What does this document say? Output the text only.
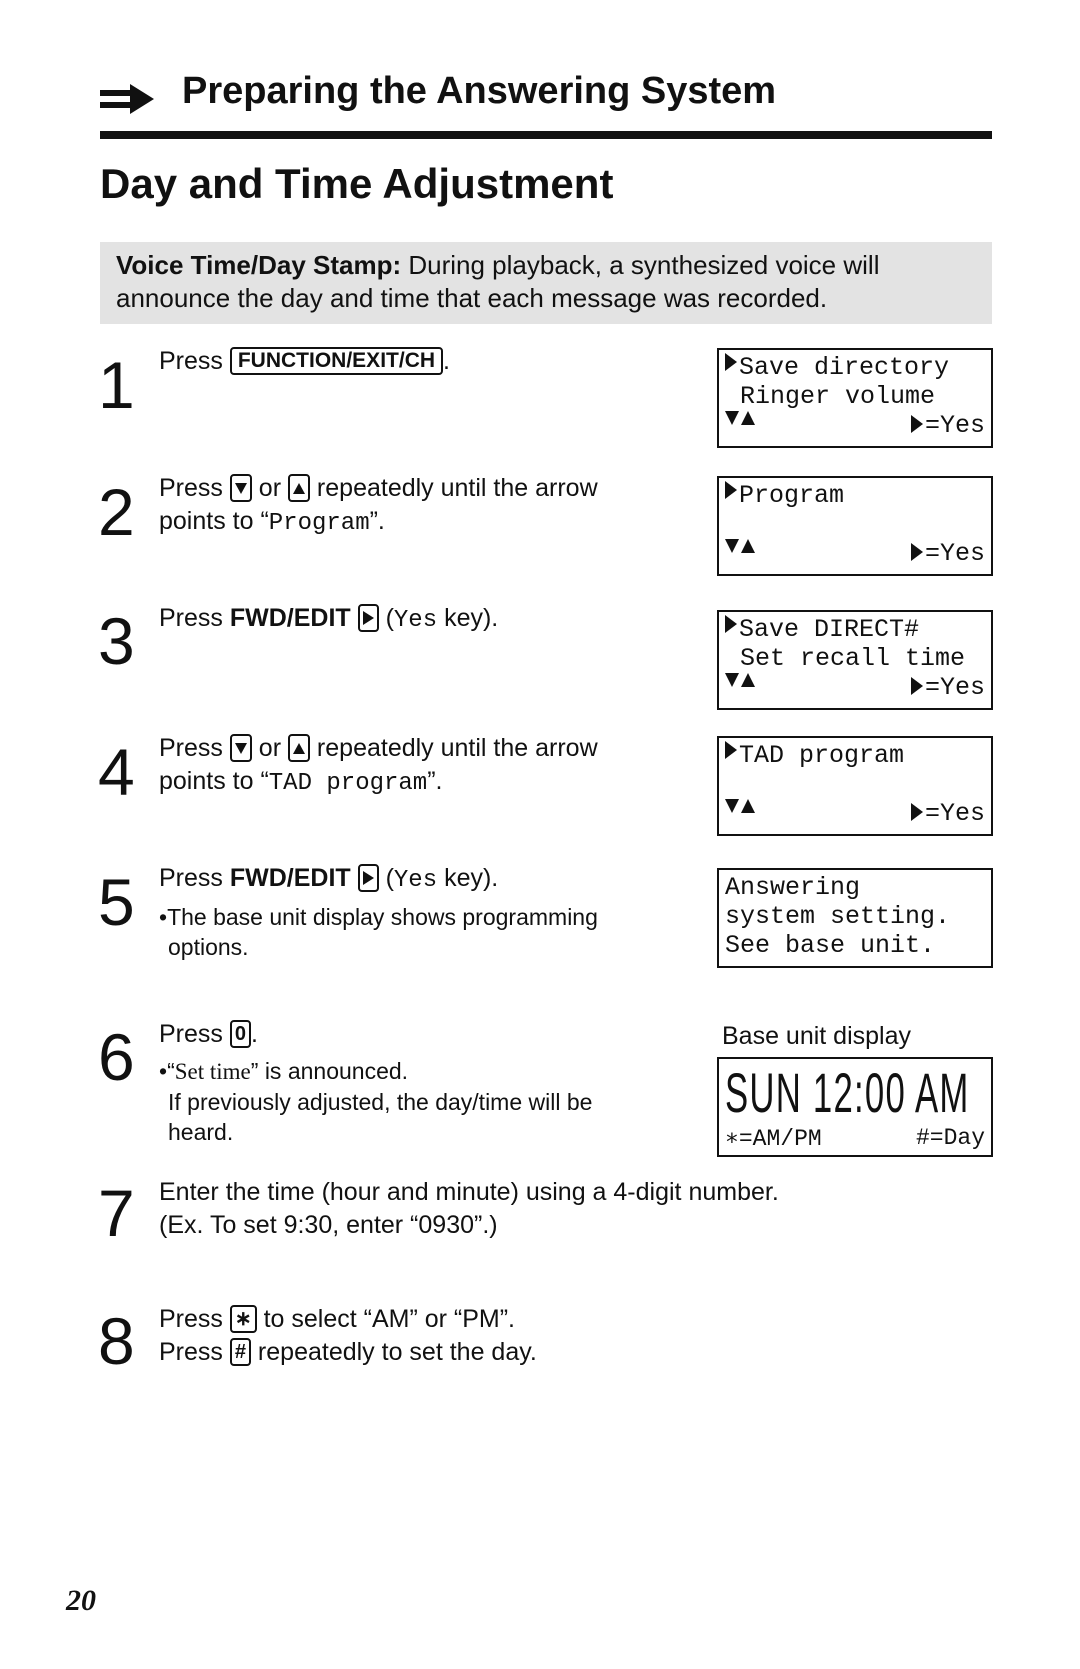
Preparing the Answering System
Day and Time Adjustment
Voice Time/Day Stamp: During playback, a synthesized voice will
announce the day and time that each message was recorded.
1 Press FUNCTION/EXIT/CH .	Save directory
Ringer volume
=Yes
2 Press  or  repeatedly until the arrow
points to “Program”.
Program
=Yes
3 Press FWD/EDIT  (Yes key).	Save DIRECT#
Set recall time
=Yes
4 Press  or  repeatedly until the arrow
points to “TAD program”.
TAD program
=Yes
5 Press FWD/EDIT  (Yes key).
•The base unit display shows programming
options.
Answering
system setting.
See base unit.
6 Press 0 .
•“Set time” is announced.
If previously adjusted, the day/time will be
heard.
Base unit display
SUN 12:00 AM
∗=AM/PM	#=Day
7 Enter the time (hour and minute) using a 4-digit number.
(Ex. To set 9:30, enter “0930”.)
8 Press ∗ to select “AM” or “PM”.
Press # repeatedly to set the day.
20
